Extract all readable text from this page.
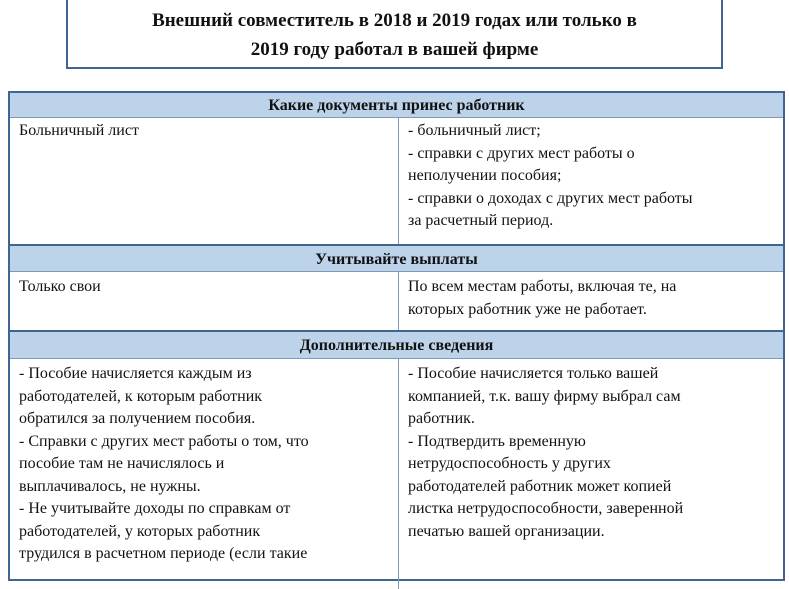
Внешний совместитель в 2018 и 2019 годах или только в
2019 году работал в вашей фирме
Какие документы принес работник
Больничный лист	- больничный лист;
- справки с других мест работы о
неполучении пособия;
- справки о доходах с других мест работы
за расчетный период.
Учитывайте выплаты
Только свои	По всем местам работы, включая те, на
которых работник уже не работает.
Дополнительные сведения
- Пособие начисляется каждым из
работодателей, к которым работник
обратился за получением пособия.
- Справки с других мест работы о том, что
пособие там не начислялось и
выплачивалось, не нужны.
- Не учитывайте доходы по справкам от
работодателей, у которых работник
трудился в расчетном периоде (если такие
- Пособие начисляется только вашей
компанией, т.к. вашу фирму выбрал сам
работник.
- Подтвердить временную
нетрудоспособность у других
работодателей работник может копией
листка нетрудоспособности, заверенной
печатью вашей организации.
